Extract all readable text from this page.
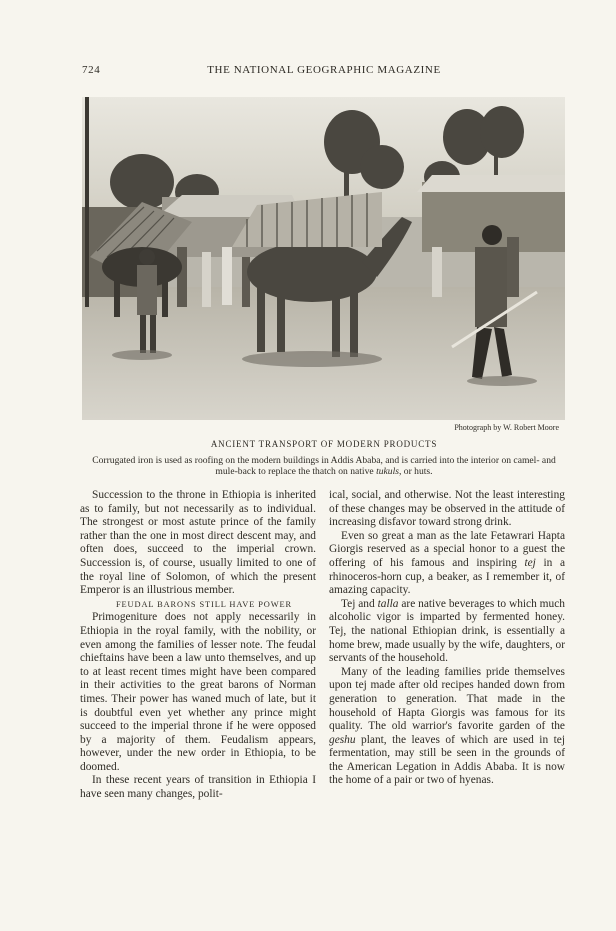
724	THE NATIONAL GEOGRAPHIC MAGAZINE
Photograph by W. Robert Moore
ANCIENT TRANSPORT OF MODERN PRODUCTS
Corrugated iron is used as roofing on the modern buildings in Addis Ababa, and is carried into the interior on camel- and mule-back to replace the thatch on native tukuls, or huts.

Succession to the throne in Ethiopia is inherited as to family, but not necessarily as to individual. The strongest or most astute prince of the family rather than the one in most direct descent may, and often does, succeed to the imperial crown. Succession is, of course, usually limited to one of the royal line of Solomon, of which the present Emperor is an illustrious member.

FEUDAL BARONS STILL HAVE POWER

Primogeniture does not apply necessarily in Ethiopia in the royal family, with the nobility, or even among the families of lesser note. The feudal chieftains have been a law unto themselves, and up to at least recent times might have been compared in their activities to the great barons of Norman times. Their power has waned much of late, but it is doubtful even yet whether any prince might succeed to the imperial throne if he were opposed by a majority of them. Feudalism appears, however, under the new order in Ethiopia, to be doomed.

In these recent years of transition in Ethiopia I have seen many changes, polit-

ical, social, and otherwise. Not the least interesting of these changes may be observed in the attitude of increasing disfavor toward strong drink.

Even so great a man as the late Fetawrari Hapta Giorgis reserved as a special honor to a guest the offering of his famous and inspiring tej in a rhinoceros-horn cup, a beaker, as I remember it, of amazing capacity.

Tej and talla are native beverages to which much alcoholic vigor is imparted by fermented honey. Tej, the national Ethiopian drink, is essentially a home brew, made usually by the wife, daughters, or servants of the household.

Many of the leading families pride themselves upon tej made after old recipes handed down from generation to generation. That made in the household of Hapta Giorgis was famous for its quality. The old warrior's favorite garden of the geshu plant, the leaves of which are used in tej fermentation, may still be seen in the grounds of the American Legation in Addis Ababa. It is now the home of a pair or two of hyenas.
